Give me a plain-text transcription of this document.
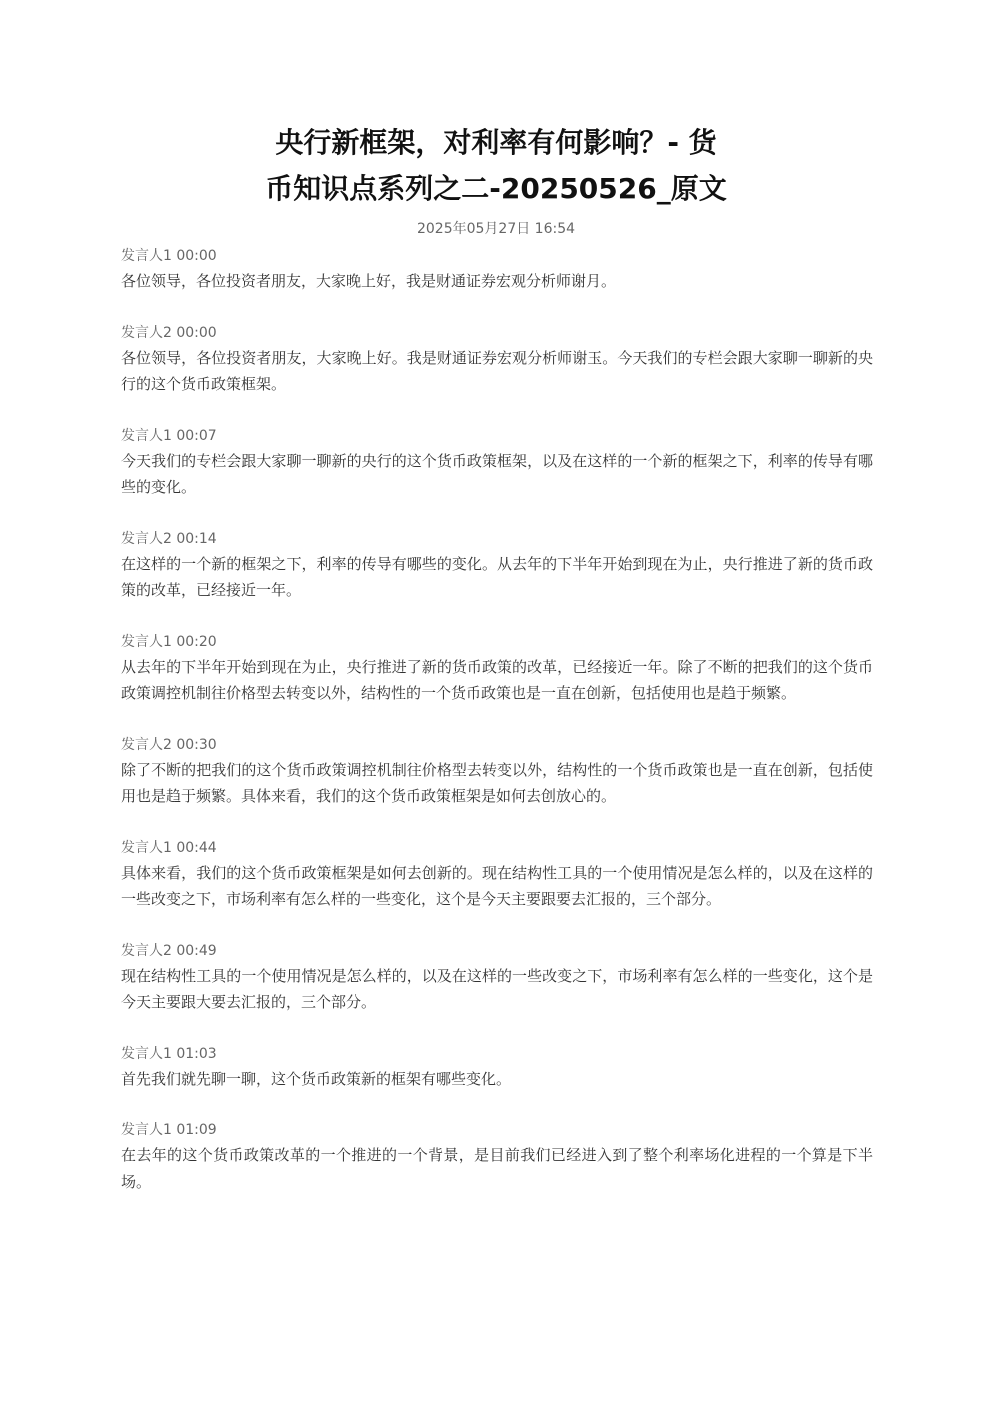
央行新框架，对利率有何影响？- 货
币知识点系列之二-20250526_原文
2025年05月27日 16:54
发言人1 00:00
各位领导，各位投资者朋友，大家晚上好，我是财通证券宏观分析师谢月。
发言人2 00:00
各位领导，各位投资者朋友，大家晚上好。我是财通证券宏观分析师谢玉。今天我们的专栏会跟大家聊一聊新的央行的这个货币政策框架。
发言人1 00:07
今天我们的专栏会跟大家聊一聊新的央行的这个货币政策框架，以及在这样的一个新的框架之下，利率的传导有哪些的变化。
发言人2 00:14
在这样的一个新的框架之下，利率的传导有哪些的变化。从去年的下半年开始到现在为止，央行推进了新的货币政策的改革，已经接近一年。
发言人1 00:20
从去年的下半年开始到现在为止，央行推进了新的货币政策的改革，已经接近一年。除了不断的把我们的这个货币政策调控机制往价格型去转变以外，结构性的一个货币政策也是一直在创新，包括使用也是趋于频繁。
发言人2 00:30
除了不断的把我们的这个货币政策调控机制往价格型去转变以外，结构性的一个货币政策也是一直在创新，包括使用也是趋于频繁。具体来看，我们的这个货币政策框架是如何去创放心的。
发言人1 00:44
具体来看，我们的这个货币政策框架是如何去创新的。现在结构性工具的一个使用情况是怎么样的，以及在这样的一些改变之下，市场利率有怎么样的一些变化，这个是今天主要跟要去汇报的，三个部分。
发言人2 00:49
现在结构性工具的一个使用情况是怎么样的，以及在这样的一些改变之下，市场利率有怎么样的一些变化，这个是今天主要跟大要去汇报的，三个部分。
发言人1 01:03
首先我们就先聊一聊，这个货币政策新的框架有哪些变化。
发言人1 01:09
在去年的这个货币政策改革的一个推进的一个背景，是目前我们已经进入到了整个利率场化进程的一个算是下半场。
